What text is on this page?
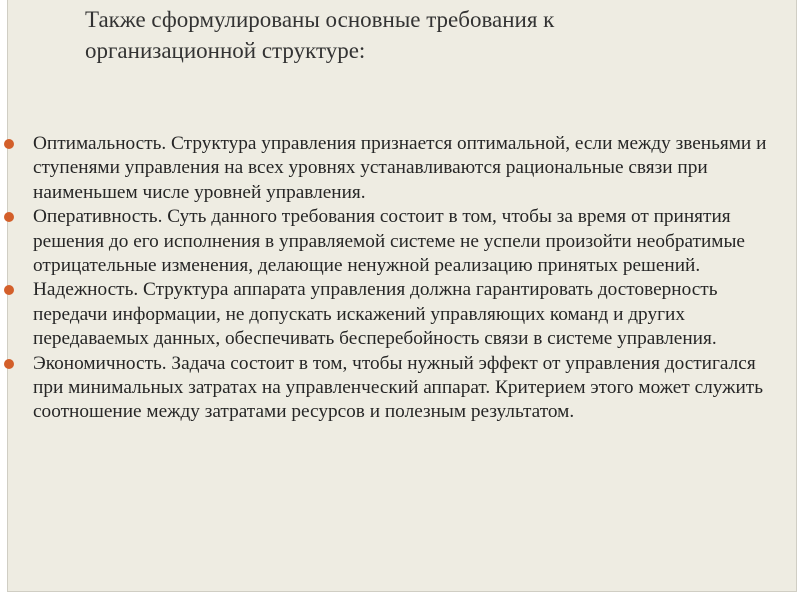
Также сформулированы основные требования к организационной структуре:
Оптимальность. Структура управления признается оптимальной, если между звеньями и ступенями управления на всех уровнях устанавливаются рациональные связи при наименьшем числе уровней управления.
Оперативность. Суть данного требования состоит в том, чтобы за время от принятия решения до его исполнения в управляемой системе не успели произойти необратимые отрицательные изменения, делающие ненужной реализацию принятых решений.
Надежность. Структура аппарата управления должна гарантировать достоверность передачи информации, не допускать искажений управляющих команд и других передаваемых данных, обеспечивать бесперебойность связи в системе управления.
Экономичность. Задача состоит в том, чтобы нужный эффект от управления достигался при минимальных затратах на управленческий аппарат. Критерием этого может служить соотношение между затратами ресурсов и полезным результатом.
